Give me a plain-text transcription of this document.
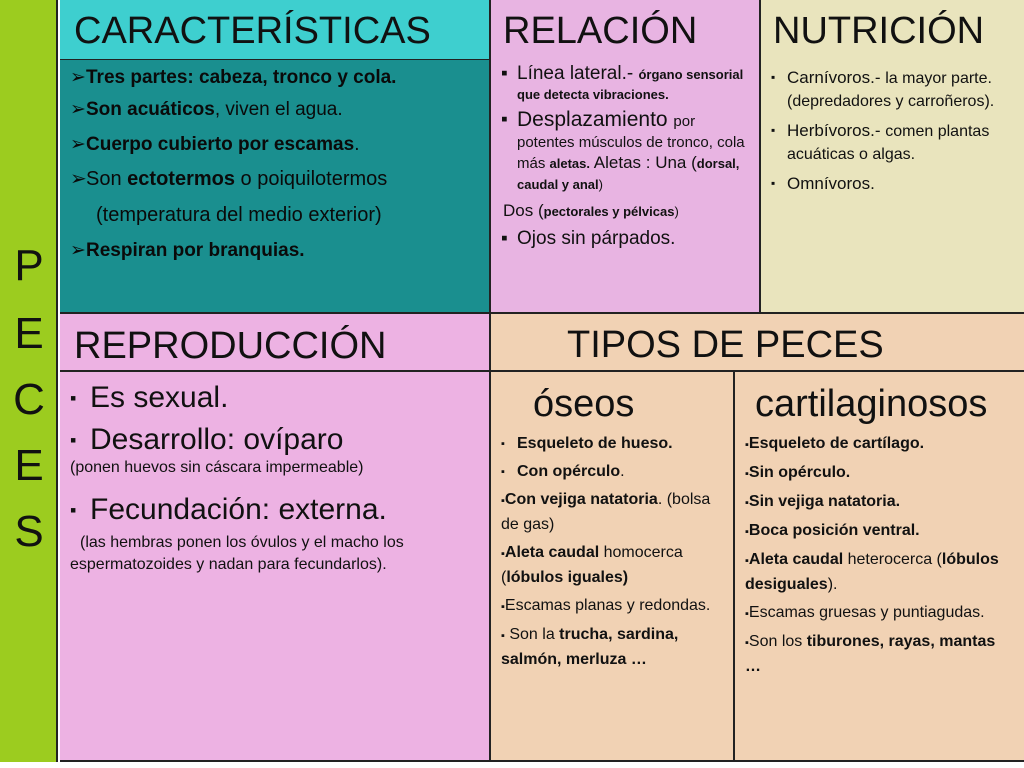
P
E
C
E
S
CARACTERÍSTICAS
➢
Tres partes: cabeza, tronco y cola.
➢
Son acuáticos, viven el agua.
➢
Cuerpo cubierto por escamas.
➢
Son ectotermos o poiquilotermos
(temperatura del medio exterior)
➢
Respiran por branquias.
RELACIÓN
▪
Línea lateral.- órgano sensorial que detecta vibraciones.
▪
Desplazamiento por potentes músculos de tronco, cola más aletas. Aletas : Una (dorsal, caudal y anal)
Dos (pectorales y pélvicas)
▪
Ojos sin párpados.
NUTRICIÓN
▪
Carnívoros.- la mayor parte. (depredadores y carroñeros).
▪
Herbívoros.- comen plantas acuáticas o algas.
▪
Omnívoros.
REPRODUCCIÓN
▪
Es sexual.
▪
Desarrollo: ovíparo
(ponen huevos sin cáscara impermeable)
▪
Fecundación: externa.
(las hembras ponen los óvulos y el macho los espermatozoides y nadan para fecundarlos).
TIPOS DE PECES
óseos
▪
Esqueleto de hueso.
▪
Con opérculo.
▪ Con vejiga natatoria. (bolsa de gas)
▪ Aleta caudal homocerca (lóbulos iguales)
▪ Escamas planas y redondas.
▪ Son la trucha, sardina, salmón, merluza …
cartilaginosos
▪ Esqueleto de cartílago.
▪ Sin opérculo.
▪ Sin vejiga natatoria.
▪ Boca posición ventral.
▪ Aleta caudal heterocerca (lóbulos desiguales).
▪ Escamas gruesas y puntiagudas.
▪ Son los tiburones, rayas, mantas …
